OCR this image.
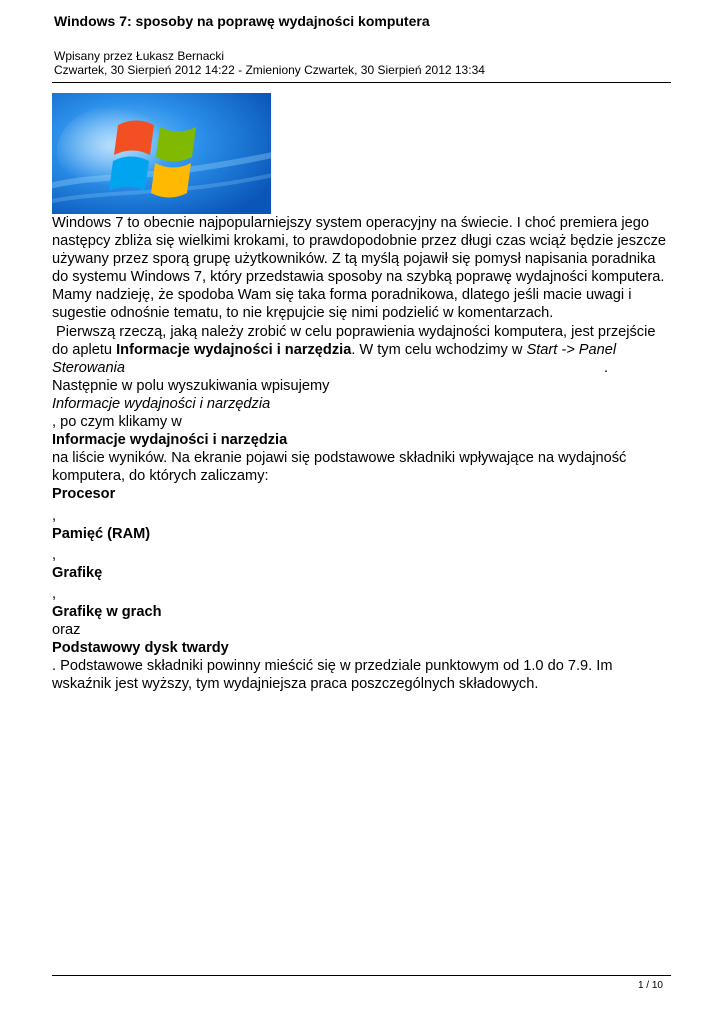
Windows 7: sposoby na poprawę wydajności komputera
Wpisany przez Łukasz Bernacki
Czwartek, 30 Sierpień 2012 14:22 - Zmieniony Czwartek, 30 Sierpień 2012 13:34

Windows 7 to obecnie najpopularniejszy system operacyjny na świecie. I choć premiera jego

następcy zbliża się wielkimi krokami, to prawdopodobnie przez długi czas wciąż będzie jeszcze

używany przez sporą grupę użytkowników. Z tą myślą pojawił się pomysł napisania poradnika

do systemu Windows 7, który przedstawia sposoby na szybką poprawę wydajności komputera.

Mamy nadzieję, że spodoba Wam się taka forma poradnikowa, dlatego jeśli macie uwagi i

sugestie odnośnie tematu, to nie krępujcie się nimi podzielić w komentarzach.

Pierwszą rzeczą, jaką należy zrobić w celu poprawienia wydajności komputera, jest przejście

do apletu Informacje wydajności i narzędzia. W tym celu wchodzimy w Start -> Panel

Sterowania	.

Następnie w polu wyszukiwania wpisujemy

Informacje wydajności i narzędzia

, po czym klikamy w

Informacje wydajności i narzędzia

na liście wyników. Na ekranie pojawi się podstawowe składniki wpływające na wydajność

komputera, do których zaliczamy:

Procesor

,

Pamięć (RAM)

,

Grafikę

,

Grafikę w grach

oraz

Podstawowy dysk twardy

. Podstawowe składniki powinny mieścić się w przedziale punktowym od 1.0 do 7.9. Im

wskaźnik jest wyższy, tym wydajniejsza praca poszczególnych składowych.

1 / 10
